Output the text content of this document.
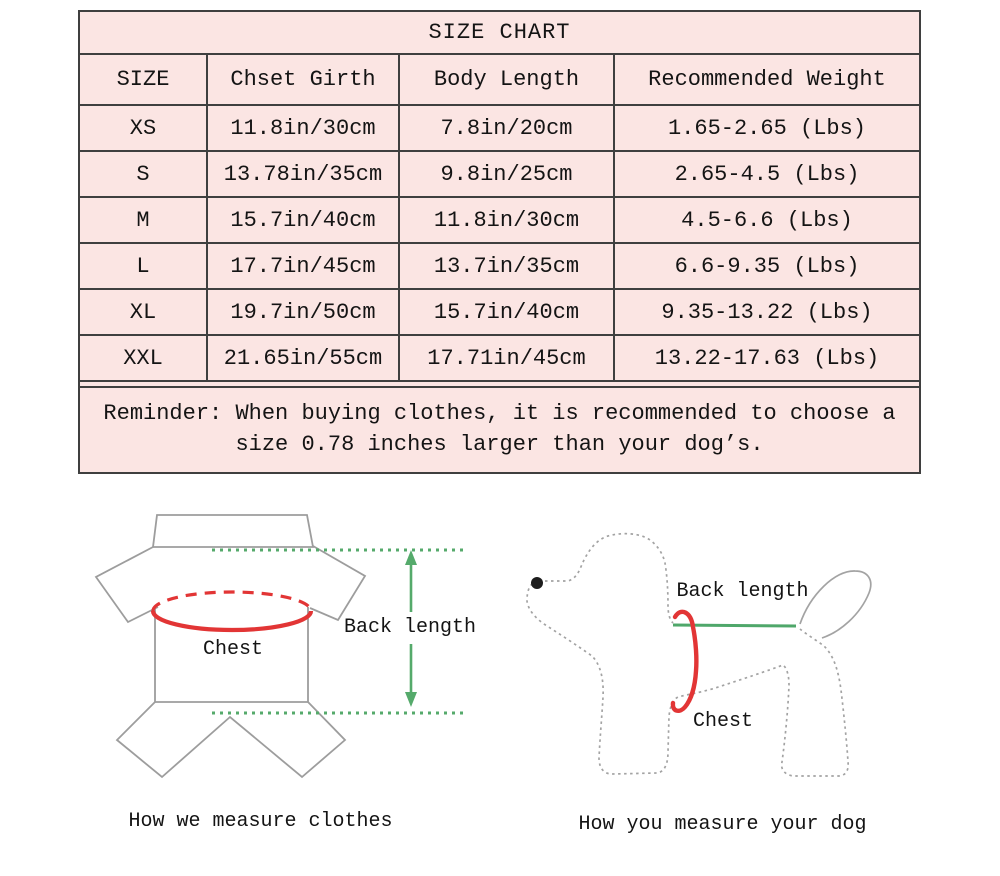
SIZE CHART
SIZE	Chset Girth	Body Length	Recommended Weight
XS	11.8in/30cm	7.8in/20cm	1.65-2.65 (Lbs)
S	13.78in/35cm	9.8in/25cm	2.65-4.5 (Lbs)
M	15.7in/40cm	11.8in/30cm	4.5-6.6 (Lbs)
L	17.7in/45cm	13.7in/35cm	6.6-9.35 (Lbs)
XL	19.7in/50cm	15.7in/40cm	9.35-13.22 (Lbs)
XXL	21.65in/55cm	17.71in/45cm	13.22-17.63 (Lbs)
Reminder: When buying clothes, it is recommended to choose a
size 0.78 inches larger than your dog’s.
Back length
Chest
Back length
Chest
How we measure clothes	How you measure your dog
